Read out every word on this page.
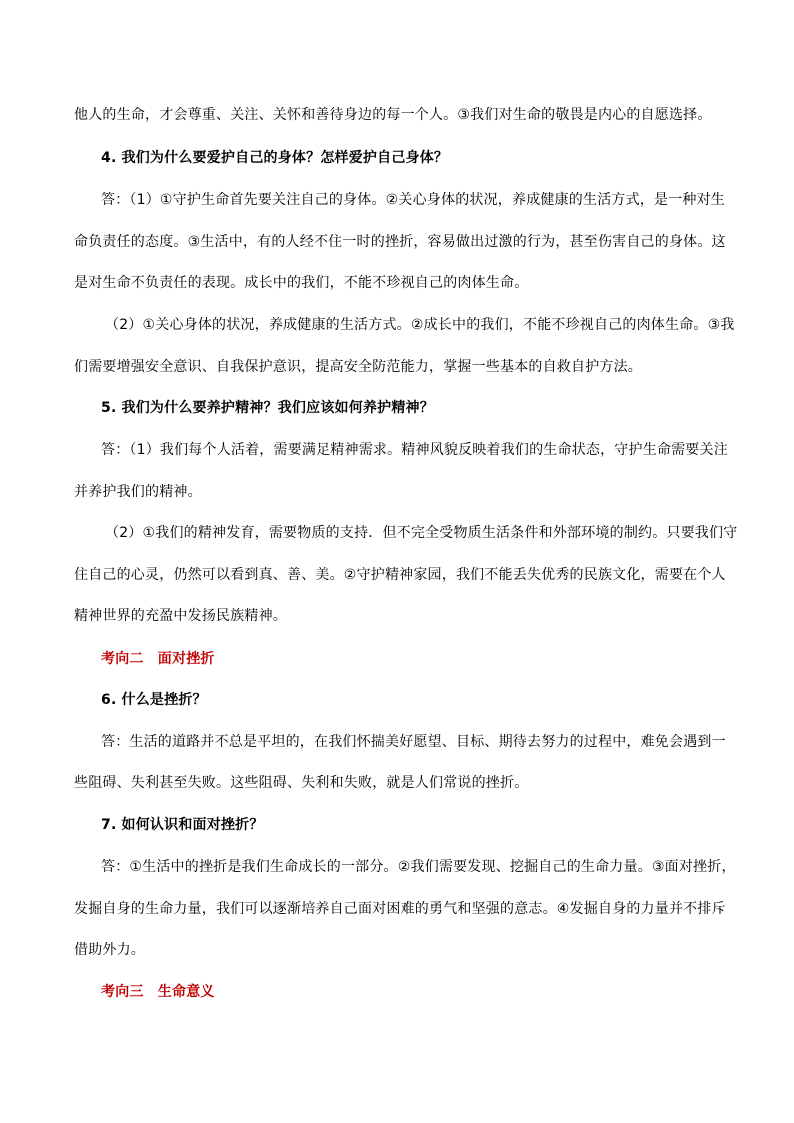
他人的生命，才会尊重、关注、关怀和善待身边的每一个人。③我们对生命的敬畏是内心的自愿选择。
4. 我们为什么要爱护自己的身体？怎样爱护自己身体？
答：（1）①守护生命首先要关注自己的身体。②关心身体的状况，养成健康的生活方式，是一种对生
命负责任的态度。③生活中，有的人经不住一时的挫折，容易做出过激的行为，甚至伤害自己的身体。这
是对生命不负责任的表现。成长中的我们，不能不珍视自己的肉体生命。
（2）①关心身体的状况，养成健康的生活方式。②成长中的我们，不能不珍视自己的肉体生命。③我
们需要增强安全意识、自我保护意识，提高安全防范能力，掌握一些基本的自救自护方法。
5. 我们为什么要养护精神？我们应该如何养护精神？
答：（1）我们每个人活着，需要满足精神需求。精神风貌反映着我们的生命状态，守护生命需要关注
并养护我们的精神。
（2）①我们的精神发育，需要物质的支持．但不完全受物质生活条件和外部环境的制约。只要我们守
住自己的心灵，仍然可以看到真、善、美。②守护精神家园，我们不能丢失优秀的民族文化，需要在个人
精神世界的充盈中发扬民族精神。
考向二　面对挫折
6. 什么是挫折？
答：生活的道路并不总是平坦的，在我们怀揣美好愿望、目标、期待去努力的过程中，难免会遇到一
些阻碍、失利甚至失败。这些阻碍、失利和失败，就是人们常说的挫折。
7. 如何认识和面对挫折？
答：①生活中的挫折是我们生命成长的一部分。②我们需要发现、挖掘自己的生命力量。③面对挫折，
发掘自身的生命力量，我们可以逐渐培养自己面对困难的勇气和坚强的意志。④发掘自身的力量并不排斥
借助外力。
考向三　生命意义
